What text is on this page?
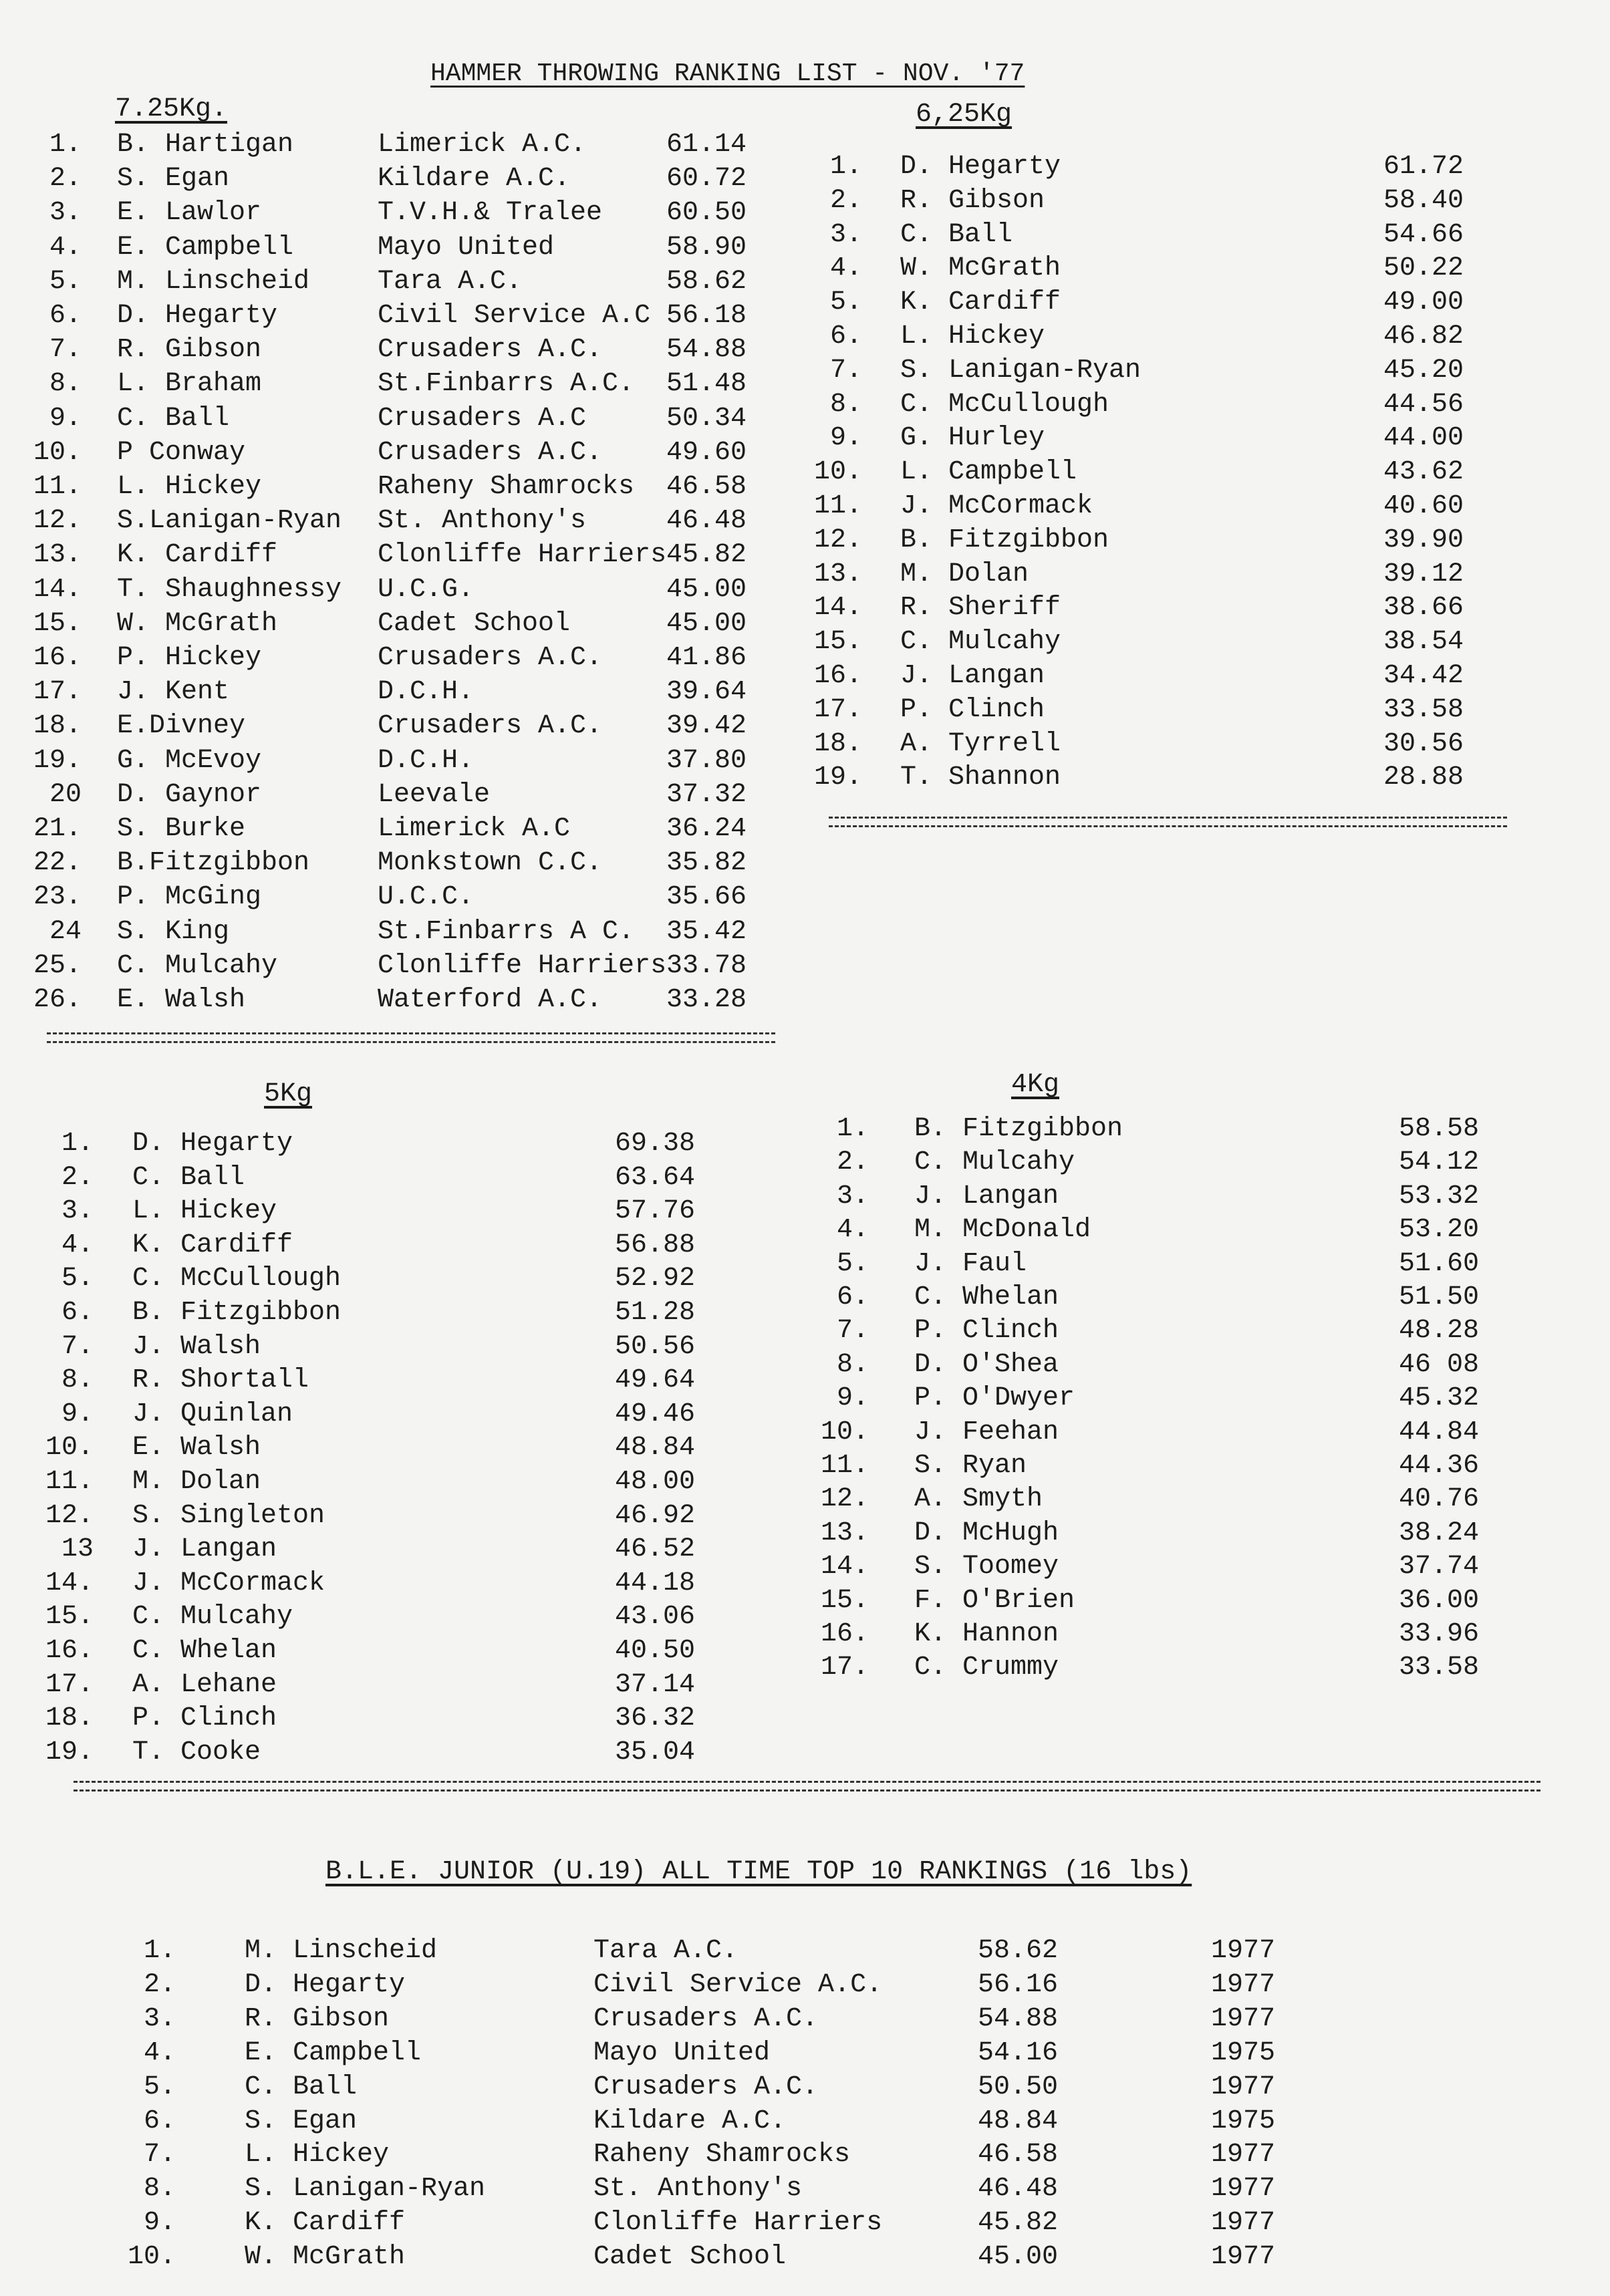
HAMMER THROWING RANKING LIST - NOV. '77
7.25Kg.
1. B. Hartigan	Limerick A.C.	61.14
2. S. Egan	Kildare A.C.	60.72
3. E. Lawlor	T.V.H.& Tralee 60.50
4. E. Campbell	Mayo United	58.90
5. M. Linscheid	Tara A.C.	58.62
6. D. Hegarty	Civil Service A.C 56.18
7. R. Gibson	Crusaders A.C. 54.88
8. L. Braham	St.Finbarrs A.C. 51.48
9. C. Ball	Crusaders A.C	50.34
10. P Conway	Crusaders A.C. 49.60
11. L. Hickey	Raheny Shamrocks 46.58
12. S.Lanigan-Ryan St. Anthony's	46.48
13. K. Cardiff	Clonliffe Harriers 45.82
14. T. Shaughnessy U.C.G.	45.00
15. W. McGrath	Cadet School	45.00
16. P. Hickey	Crusaders A.C. 41.86
17. J. Kent	D.C.H.	39.64
18. E.Divney	Crusaders A.C. 39.42
19. G. McEvoy	D.C.H.	37.80
20 D. Gaynor	Leevale	37.32
21. S. Burke	Limerick A.C	36.24
22. B.Fitzgibbon	Monkstown C.C. 35.82
23. P. McGing	U.C.C.	35.66
24 S. King	St.Finbarrs A C. 35.42
25. C. Mulcahy	Clonliffe Harriers 33.78
26. E. Walsh	Waterford A.C. 33.28
6,25Kg
1. D. Hegarty	61.72
2. R. Gibson	58.40
3. C. Ball	54.66
4. W. McGrath	50.22
5. K. Cardiff	49.00
6. L. Hickey	46.82
7. S. Lanigan-Ryan	45.20
8. C. McCullough	44.56
9. G. Hurley	44.00
10. L. Campbell	43.62
11. J. McCormack	40.60
12. B. Fitzgibbon	39.90
13. M. Dolan	39.12
14. R. Sheriff	38.66
15. C. Mulcahy	38.54
16. J. Langan	34.42
17. P. Clinch	33.58
18. A. Tyrrell	30.56
19. T. Shannon	28.88
5Kg
1. D. Hegarty	69.38
2. C. Ball	63.64
3. L. Hickey	57.76
4. K. Cardiff	56.88
5. C. McCullough	52.92
6. B. Fitzgibbon	51.28
7. J. Walsh	50.56
8. R. Shortall	49.64
9. J. Quinlan	49.46
10. E. Walsh	48.84
11. M. Dolan	48.00
12. S. Singleton	46.92
13 J. Langan	46.52
14. J. McCormack	44.18
15. C. Mulcahy	43.06
16. C. Whelan	40.50
17. A. Lehane	37.14
18. P. Clinch	36.32
19. T. Cooke	35.04
4Kg
1. B. Fitzgibbon	58.58
2. C. Mulcahy	54.12
3. J. Langan	53.32
4. M. McDonald	53.20
5. J. Faul	51.60
6. C. Whelan	51.50
7. P. Clinch	48.28
8. D. O'Shea	46 08
9. P. O'Dwyer	45.32
10. J. Feehan	44.84
11. S. Ryan	44.36
12. A. Smyth	40.76
13. D. McHugh	38.24
14. S. Toomey	37.74
15. F. O'Brien	36.00
16. K. Hannon	33.96
17. C. Crummy	33.58
B.L.E. JUNIOR (U.19) ALL TIME TOP 10 RANKINGS (16 lbs)
1.	M. Linscheid	Tara A.C.	58.62	1977
2.	D. Hegarty	Civil Service A.C.	56.16	1977
3.	R. Gibson	Crusaders A.C.	54.88	1977
4.	E. Campbell	Mayo United	54.16	1975
5.	C. Ball	Crusaders A.C.	50.50	1977
6.	S. Egan	Kildare A.C.	48.84	1975
7.	L. Hickey	Raheny Shamrocks	46.58	1977
8.	S. Lanigan-Ryan	St. Anthony's	46.48	1977
9.	K. Cardiff	Clonliffe Harriers	45.82	1977
10.	W. McGrath	Cadet School	45.00	1977
